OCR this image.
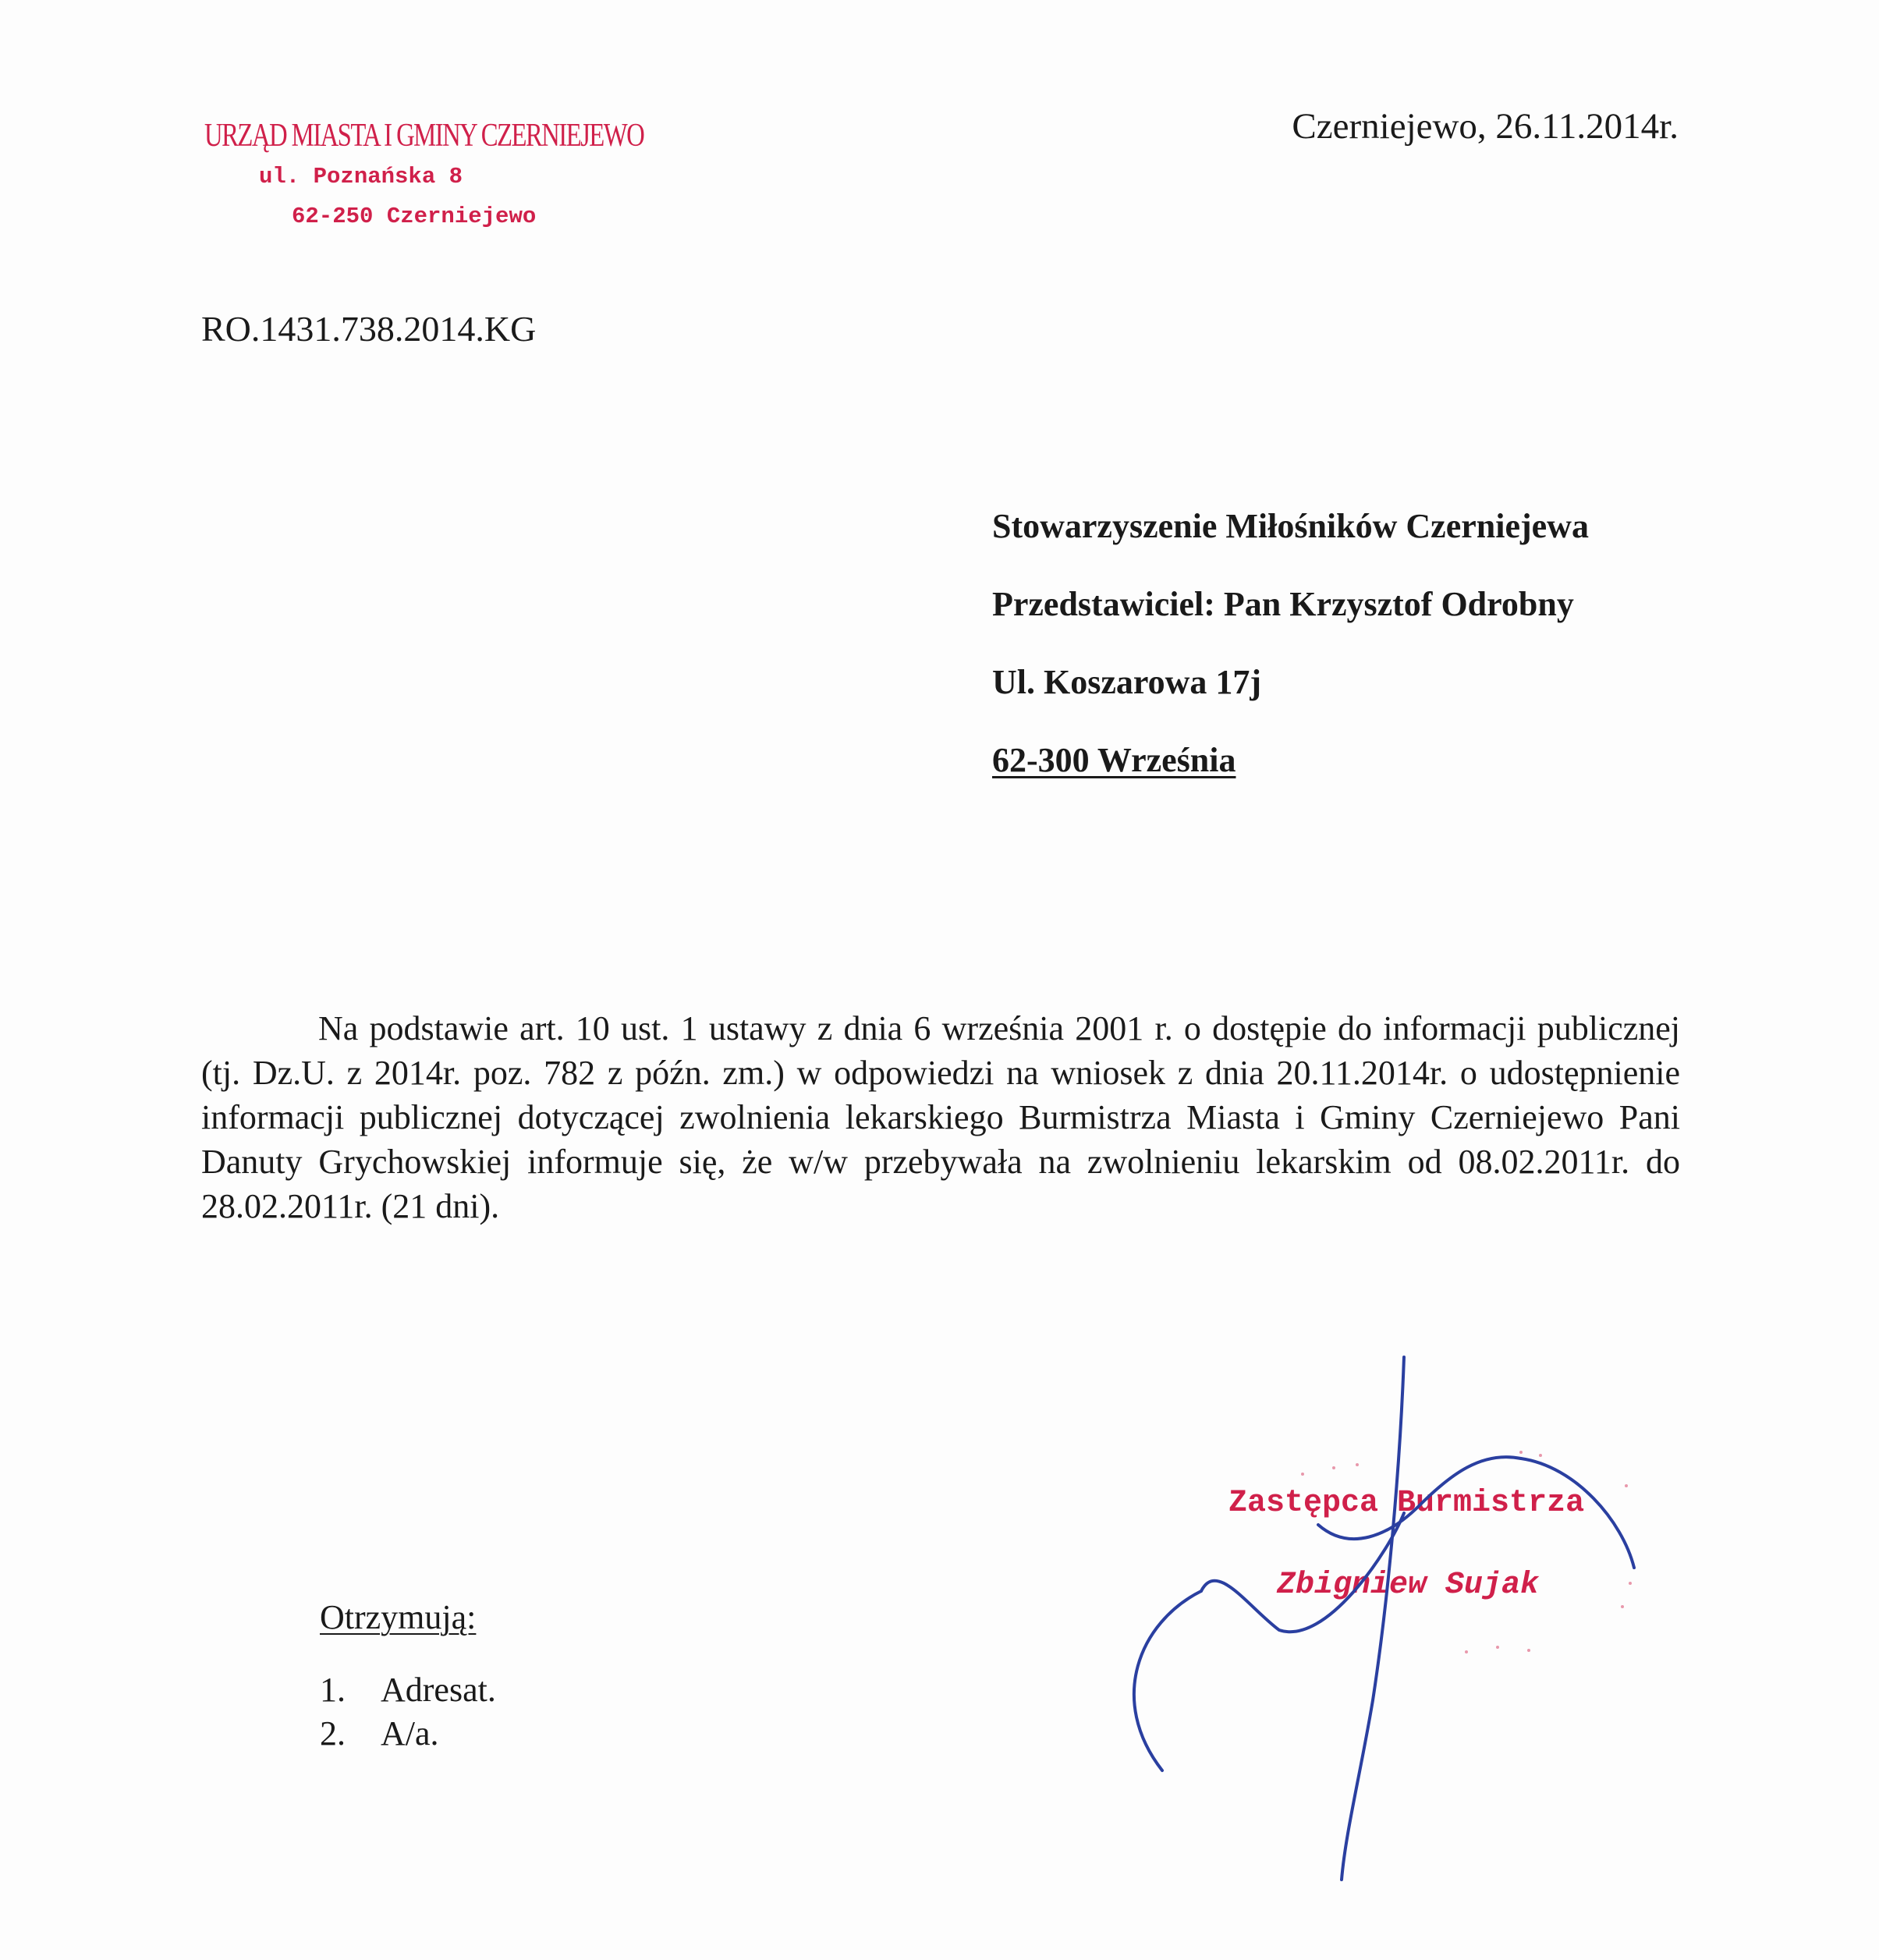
URZĄD MIASTA I GMINY CZERNIEJEWO
ul. Poznańska 8
62-250 Czerniejewo
Czerniejewo, 26.11.2014r.
RO.1431.738.2014.KG
Stowarzyszenie Miłośników Czerniejewa
Przedstawiciel: Pan Krzysztof Odrobny
Ul. Koszarowa 17j
62-300 Września

Na podstawie art. 10 ust. 1 ustawy z dnia 6 września 2001 r. o dostępie do informacji publicznej (tj. Dz.U. z 2014r. poz. 782 z późn. zm.) w odpowiedzi na wniosek z dnia 20.11.2014r. o udostępnienie informacji publicznej dotyczącej zwolnienia lekarskiego Burmistrza Miasta i Gminy Czerniejewo Pani Danuty Grychowskiej informuje się, że w/w przebywała na zwolnieniu lekarskim od 08.02.2011r. do 28.02.2011r. (21 dni).

Zastępca Burmistrza
Zbigniew Sujak
Otrzymują:
1. Adresat.
2. A/a.
